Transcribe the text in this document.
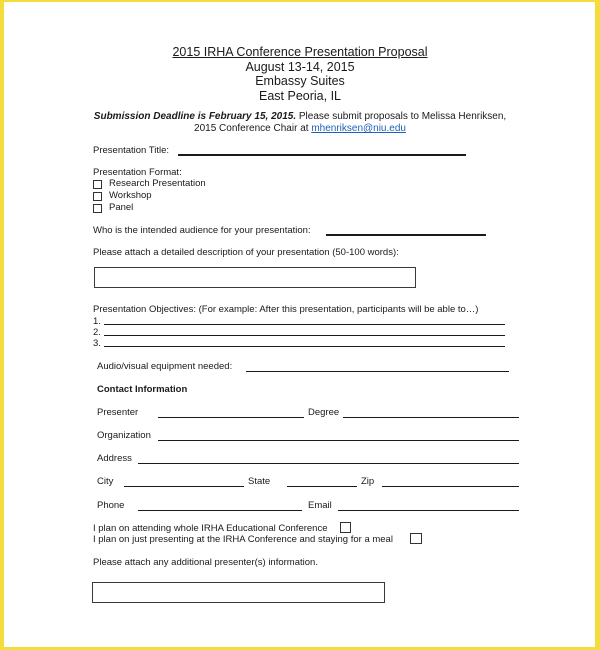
2015 IRHA Conference Presentation Proposal
August 13-14, 2015
Embassy Suites
East Peoria, IL
Submission Deadline is February 15, 2015. Please submit proposals to Melissa Henriksen,
2015 Conference Chair at mhenriksen@niu.edu
Presentation Title:
Presentation Format:
Research Presentation
Workshop
Panel
Who is the intended audience for your presentation:
Please attach a detailed description of your presentation (50-100 words):
Presentation Objectives: (For example: After this presentation, participants will be able to…)
1.
2.
3.
Audio/visual equipment needed:
Contact Information
Presenter	Degree
Organization
Address
City	State	Zip
Phone	Email
I plan on attending whole IRHA Educational Conference
I plan on just presenting at the IRHA Conference and staying for a meal
Please attach any additional presenter(s) information.
